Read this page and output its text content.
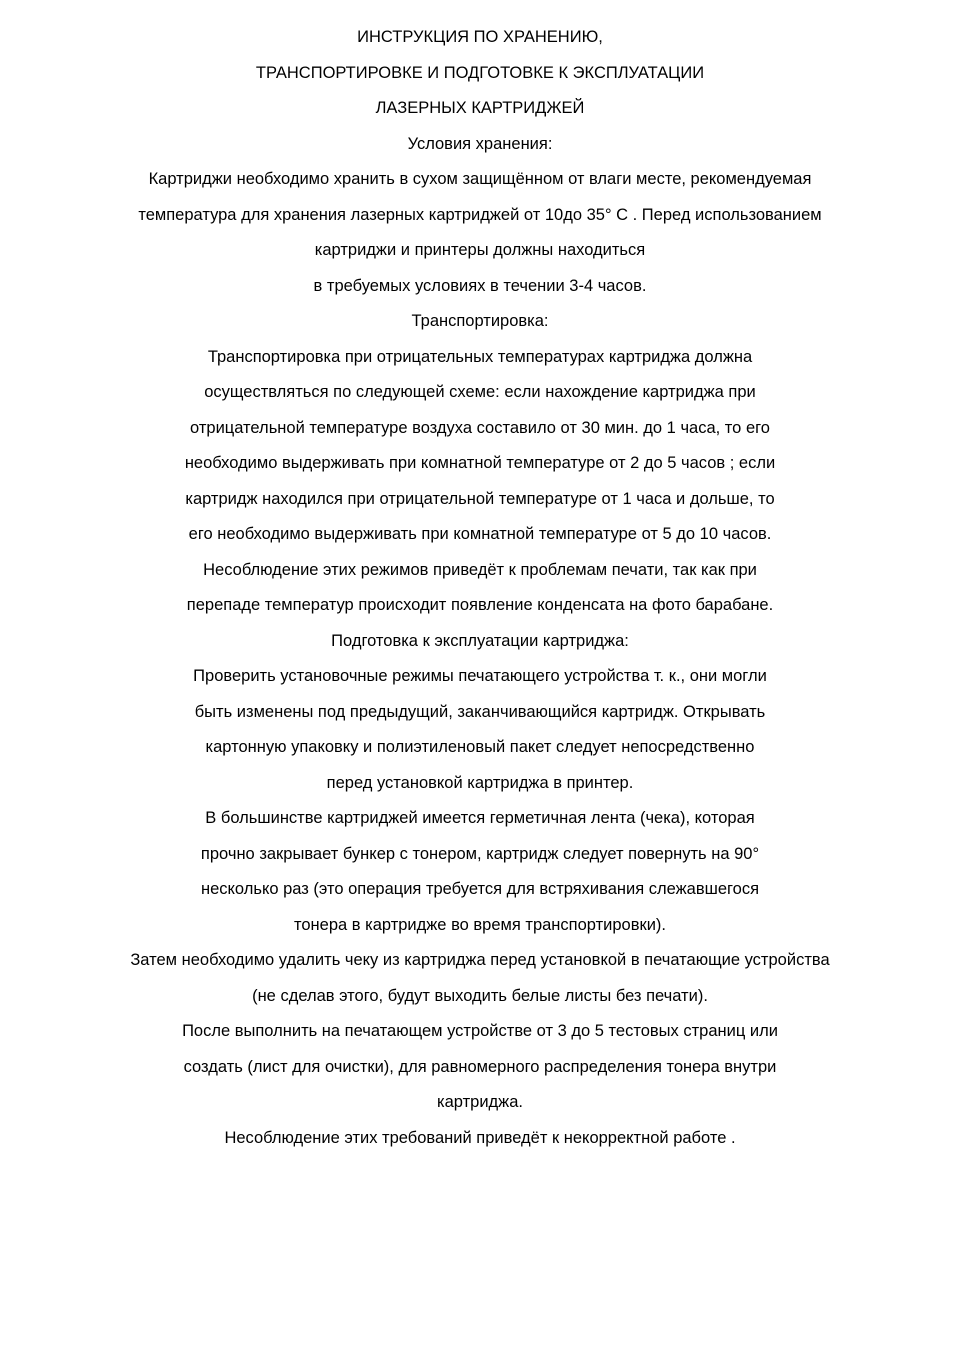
ИНСТРУКЦИЯ ПО ХРАНЕНИЮ,
ТРАНСПОРТИРОВКЕ И ПОДГОТОВКЕ К ЭКСПЛУАТАЦИИ
ЛАЗЕРНЫХ КАРТРИДЖЕЙ
Условия хранения:
Картриджи необходимо хранить в сухом защищённом от влаги месте, рекомендуемая
температура для хранения лазерных картриджей от 10до 35° С . Перед использованием
картриджи и принтеры должны находиться
в требуемых условиях в течении 3-4 часов.
Транспортировка:
Транспортировка при отрицательных температурах картриджа должна
осуществляться по следующей схеме: если нахождение картриджа при
отрицательной температуре воздуха составило от 30 мин. до 1 часа, то его
необходимо выдерживать при комнатной температуре от 2 до 5 часов ; если
картридж находился при отрицательной температуре от 1 часа и дольше, то
его необходимо выдерживать при комнатной температуре от 5 до 10 часов.
Несоблюдение этих режимов приведёт к проблемам печати, так как при
перепаде температур происходит появление конденсата на фото барабане.
Подготовка к эксплуатации картриджа:
Проверить установочные режимы печатающего устройства т. к., они могли
быть изменены под предыдущий, заканчивающийся картридж. Открывать
картонную упаковку и полиэтиленовый пакет следует непосредственно
перед установкой картриджа в принтер.
В большинстве картриджей имеется герметичная лента (чека), которая
прочно закрывает бункер с тонером, картридж следует повернуть на 90°
несколько раз (это операция требуется для встряхивания слежавшегося
тонера в картридже во время транспортировки).
Затем необходимо удалить чеку из картриджа перед установкой в печатающие устройства
(не сделав этого, будут выходить белые листы без печати).
После выполнить на печатающем устройстве от 3 до 5 тестовых страниц или
создать (лист для очистки), для равномерного распределения тонера внутри
картриджа.
Несоблюдение этих требований приведёт к некорректной работе .
